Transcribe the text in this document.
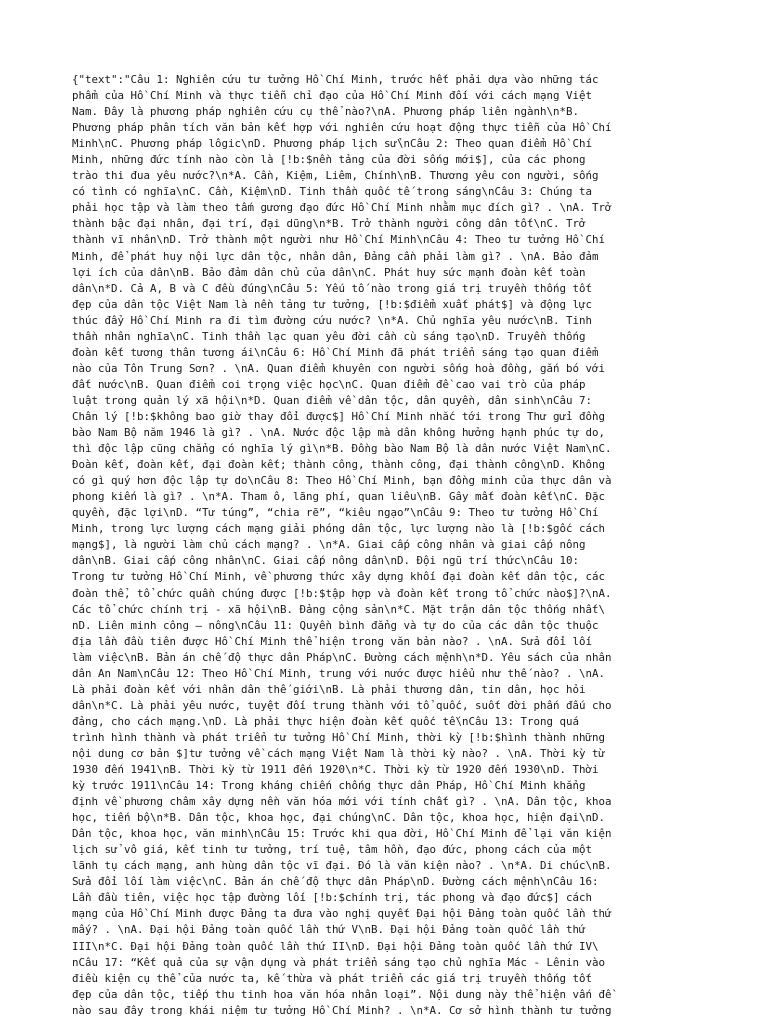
{"text":"Câu 1: Nghiên cứu tư tưởng Hồ Chí Minh, trước hết phải dựa vào những tác
phẩm của Hồ Chí Minh và thực tiễn chỉ đạo của Hồ Chí Minh đối với cách mạng Việt
Nam. Đây là phương pháp nghiên cứu cụ thể nào?\nA. Phương pháp liên ngành\n*B.
Phương pháp phân tích văn bản kết hợp với nghiên cứu hoạt động thực tiễn của Hồ Chí
Minh\nC. Phương pháp lôgic\nD. Phương pháp lịch sử\nCâu 2: Theo quan điểm Hồ Chí
Minh, những đức tính nào còn là [!b:$nền tảng của đời sống mới$], của các phong
trào thi đua yêu nước?\n*A. Cần, Kiệm, Liêm, Chính\nB. Thương yêu con người, sống
có tình có nghĩa\nC. Cần, Kiệm\nD. Tinh thần quốc tế trong sáng\nCâu 3: Chúng ta
phải học tập và làm theo tấm gương đạo đức Hồ Chí Minh nhằm mục đích gì? . \nA. Trở
thành bậc đại nhân, đại trí, đại dũng\n*B. Trở thành người công dân tốt\nC. Trở
thành vĩ nhân\nD. Trở thành một người như Hồ Chí Minh\nCâu 4: Theo tư tưởng Hồ Chí
Minh, để phát huy nội lực dân tộc, nhân dân, Đảng cần phải làm gì? . \nA. Bảo đảm
lợi ích của dân\nB. Bảo đảm dân chủ của dân\nC. Phát huy sức mạnh đoàn kết toàn
dân\n*D. Cả A, B và C đều đúng\nCâu 5: Yếu tố nào trong giá trị truyền thống tốt
đẹp của dân tộc Việt Nam là nền tảng tư tưởng, [!b:$điểm xuất phát$] và động lực
thúc đẩy Hồ Chí Minh ra đi tìm đường cứu nước? \n*A. Chủ nghĩa yêu nước\nB. Tinh
thần nhân nghĩa\nC. Tinh thần lạc quan yêu đời cần cù sáng tạo\nD. Truyền thống
đoàn kết tương thân tương ái\nCâu 6: Hồ Chí Minh đã phát triển sáng tạo quan điểm
nào của Tôn Trung Sơn? . \nA. Quan điểm khuyên con người sống hoà đồng, gắn bó với
đất nước\nB. Quan điểm coi trọng việc học\nC. Quan điểm đề cao vai trò của pháp
luật trong quản lý xã hội\n*D. Quan điểm về dân tộc, dân quyền, dân sinh\nCâu 7:
Chân lý [!b:$không bao giờ thay đổi được$] Hồ Chí Minh nhắc tới trong Thư gửi đồng
bào Nam Bộ năm 1946 là gì? . \nA. Nước độc lập mà dân không hưởng hạnh phúc tự do,
thì độc lập cũng chẳng có nghĩa lý gì\n*B. Đồng bào Nam Bộ là dân nước Việt Nam\nC.
Đoàn kết, đoàn kết, đại đoàn kết; thành công, thành công, đại thành công\nD. Không
có gì quý hơn độc lập tự do\nCâu 8: Theo Hồ Chí Minh, bạn đồng minh của thực dân và
phong kiến là gì? . \n*A. Tham ô, lãng phí, quan liêu\nB. Gây mất đoàn kết\nC. Đặc
quyền, đặc lợi\nD. “Tư túng”, “chia rẽ”, “kiêu ngạo”\nCâu 9: Theo tư tưởng Hồ Chí
Minh, trong lực lượng cách mạng giải phóng dân tộc, lực lượng nào là [!b:$gốc cách
mạng$], là người làm chủ cách mạng? . \n*A. Giai cấp công nhân và giai cấp nông
dân\nB. Giai cấp công nhân\nC. Giai cấp nông dân\nD. Đội ngũ trí thức\nCâu 10:
Trong tư tưởng Hồ Chí Minh, về phương thức xây dựng khối đại đoàn kết dân tộc, các
đoàn thể, tổ chức quần chúng được [!b:$tập hợp và đoàn kết trong tổ chức nào$]?\nA.
Các tổ chức chính trị - xã hội\nB. Đảng cộng sản\n*C. Mặt trận dân tộc thống nhất\
nD. Liên minh công – nông\nCâu 11: Quyền bình đẳng và tự do của các dân tộc thuộc
địa lần đầu tiên được Hồ Chí Minh thể hiện trong văn bản nào? . \nA. Sửa đổi lối
làm việc\nB. Bản án chế độ thực dân Pháp\nC. Đường cách mệnh\n*D. Yêu sách của nhân
dân An Nam\nCâu 12: Theo Hồ Chí Minh, trung với nước được hiểu như thế nào? . \nA.
Là phải đoàn kết với nhân dân thế giới\nB. Là phải thương dân, tin dân, học hỏi
dân\n*C. Là phải yêu nước, tuyệt đối trung thành với tổ quốc, suốt đời phấn đấu cho
đảng, cho cách mạng.\nD. Là phải thực hiện đoàn kết quốc tế\nCâu 13: Trong quá
trình hình thành và phát triển tư tưởng Hồ Chí Minh, thời kỳ [!b:$hình thành những
nội dung cơ bản $]tư tưởng về cách mạng Việt Nam là thời kỳ nào? . \nA. Thời kỳ từ
1930 đến 1941\nB. Thời kỳ từ 1911 đến 1920\n*C. Thời kỳ từ 1920 đến 1930\nD. Thời
kỳ trước 1911\nCâu 14: Trong kháng chiến chống thực dân Pháp, Hồ Chí Minh khẳng
định về phương châm xây dựng nền văn hóa mới với tính chất gì? . \nA. Dân tộc, khoa
học, tiến bộ\n*B. Dân tộc, khoa học, đại chúng\nC. Dân tộc, khoa học, hiện đại\nD.
Dân tộc, khoa học, văn minh\nCâu 15: Trước khi qua đời, Hồ Chí Minh để lại văn kiện
lịch sử vô giá, kết tinh tư tưởng, trí tuệ, tâm hồn, đạo đức, phong cách của một
lãnh tụ cách mạng, anh hùng dân tộc vĩ đại. Đó là văn kiện nào? . \n*A. Di chúc\nB.
Sửa đổi lối làm việc\nC. Bản án chế độ thực dân Pháp\nD. Đường cách mệnh\nCâu 16:
Lần đầu tiên, việc học tập đường lối [!b:$chính trị, tác phong và đạo đức$] cách
mạng của Hồ Chí Minh được Đảng ta đưa vào nghị quyết Đại hội Đảng toàn quốc lần thứ
mấy? . \nA. Đại hội Đảng toàn quốc lần thứ V\nB. Đại hội Đảng toàn quốc lần thứ
III\n*C. Đại hội Đảng toàn quốc lần thứ II\nD. Đại hội Đảng toàn quốc lần thứ IV\
nCâu 17: “Kết quả của sự vận dụng và phát triển sáng tạo chủ nghĩa Mác - Lênin vào
điều kiện cụ thể của nước ta, kế thừa và phát triển các giá trị truyền thống tốt
đẹp của dân tộc, tiếp thu tinh hoa văn hóa nhân loại”. Nội dung này thể hiện vấn đề
nào sau đây trong khái niệm tư tưởng Hồ Chí Minh? . \n*A. Cơ sở hình thành tư tưởng
